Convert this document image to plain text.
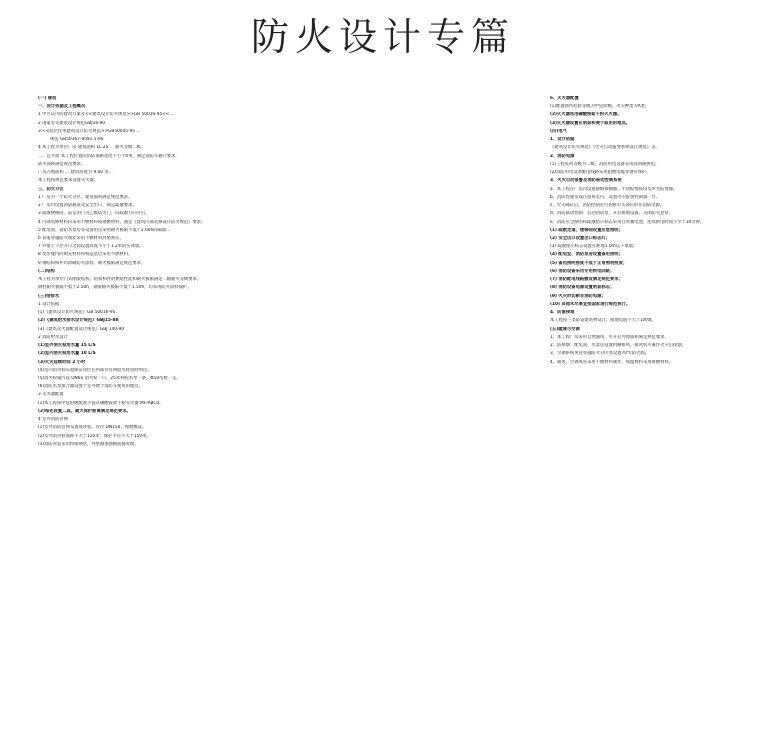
防火设计专篇
(一) 建筑
一、设计依据及工程概况
1 甲方认可的建筑方案及<<建筑设计防火规范>>GB 50016-95<<...
2 国家有关建筑设计规范GBJ16-90
3 <<高层民用建筑设计防火规范>>GB50045-95 ...
规范 GB50367-9591.5-95
4 本工程为单层厂房 建筑面积 1L.25 ... 耐火等级二级
二、总平面 本工程位置的消防道路宽度不小于4米，满足消防车通行要求，
防火间距满足规范要求。
厂房占地面积 ... 建筑高度为 9.00 米...
本工程按规范要求设置灭火器。
三、防火分区
1 厂房为一个防火分区，建筑面积满足规范要求。
2 厂房内设置消防通道及安全出口，满足疏散要求。
3 疏散楼梯间、前室的门为乙级防火门，向疏散方向开启。
4 内部装修材料均采用不燃材料或难燃材料，满足《建筑内部装修设计防火规范》要求。
5 配电间、消防水泵房等设备用房采用耐火极限不低于2.00h的隔墙...
6 管道穿越防火墙处采用不燃材料封堵密实。
7 外墙上下层开口之间设置高度不小于1.2米的实体墙。
8 变形缝内的填充材料和构造基层采用不燃材料。
9 钢结构构件均涂刷防火涂料，耐火极限满足规范要求。
(二)结构
本工程为单层门式刚架结构，结构构件的燃烧性能和耐火极限满足二级耐火等级要求。
钢柱耐火极限不低于2.50h，钢梁耐火极限不低于1.50h，均采用防火涂料保护。
(三)给排水
1 设计依据
(1)《建筑设计防火规范》GB 50016-95
(2)《建筑给水排水设计规范》GBJ15-88
(3)《建筑灭火器配置设计规范》GBJ 140-90
2 消防给水设计
(1)室外消火栓用水量 15 L/S
(2)室内消火栓用水量 10 L/S
(3)火灾延续时间 2 小时
(4)室内消火栓布置保证同层任何部位有两股水柱同时到达。
(5)消火栓箱内设 DN65 消火栓一只，25米衬胶水带一条，Φ19水枪一支。
(6)消防水泵接合器设置于室外便于消防车使用的地点。
3 灭火器配置
(1)本工程按中危险级配置手提式磷酸铵盐干粉灭火器 MF/ABC4。
(2)每处设置二具，最大保护距离满足规范要求。
4 室外消防管网
(1)室外消防管网布置成环状，管径 DN150，埋地敷设。
(2)室外消火栓间距不大于120米，保护半径不大于150米。
(3)消防管道采用焊接钢管，外壁做加强级防腐处理。
6、灭火器配置
(1)配置场所危险等级为中危险级，火灾种类为A类。
(2)灭火器选用磷酸铵盐干粉灭火器。
(3)灭火器设置在明显和便于取用的地点。
(四)电气
1、设计依据
《建筑设计防火规范》《火灾自动报警系统设计规范》等。
2、消防电源
(1)工程负荷等级为二级，消防用电设备采用双回路供电。
(2)消防用电设备配电线路采用阻燃电缆穿钢管保护。
3、火灾自动报警及消防联动控制系统
a、本工程在厂房内设置感烟探测器、手动报警按钮及声光报警器。
b、消防控制室设在值班室内，设置火灾报警控制器一台。
c、火灾确认后，消防控制室可切断有关部位的非消防电源。
d、消防联动控制：启动消防泵、开启排烟设备、关闭防火卷帘。
e、消防应急照明和疏散指示标志采用自带蓄电池，连续供电时间不少于30分钟。
(1) 疏散走道、楼梯间设置应急照明；
(2) 安全出口设置出口标志灯；
(3) 疏散指示标志设置在距地1.0m以下墙面；
(4) 配电室、消防泵房设置备用照明；
(5) 备用照明照度不低于正常照明照度；
(6) 消防设备采用专用供电回路；
(7) 消防配电线路敷设满足规范要求；
(8) 消防设备电源设置明显标志；
(9) 火灾时切断非消防电源；
(10) 其他未尽事宜按国家现行规范执行。
4、防雷接地
本工程按三类防雷建筑物设计，接地电阻不大于1欧姆。
(五)暖通与空调
1、本工程厂房采用自然通风，可开启外窗面积满足规范要求。
2、防排烟：配电间、水泵房设置机械排风，排风机可兼作火灾后排烟。
3、空调系统风管穿越防火分区处设置70℃防火阀。
4、通风、空调风管采用不燃材料制作，保温材料采用难燃材料。
